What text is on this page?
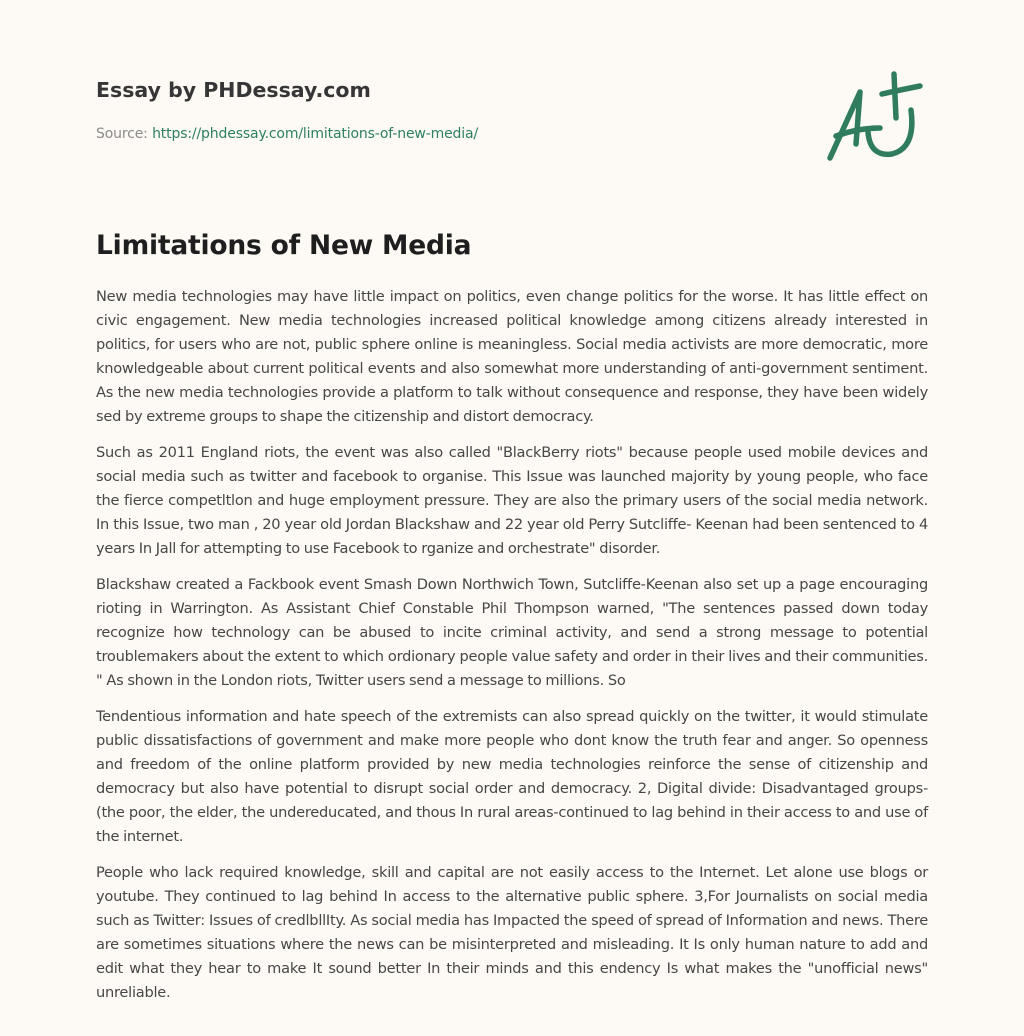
Essay by PHDessay.com
Source: https://phdessay.com/limitations-of-new-media/
Limitations of New Media

New media technologies may have little impact on politics, even change politics for the worse. It has little effect on civic engagement. New media technologies increased political knowledge among citizens already interested in politics, for users who are not, public sphere online is meaningless. Social media activists are more democratic, more knowledgeable about current political events and also somewhat more understanding of anti-government sentiment. As the new media technologies provide a platform to talk without consequence and response, they have been widely sed by extreme groups to shape the citizenship and distort democracy.

Such as 2011 England riots, the event was also called "BlackBerry riots" because people used mobile devices and social media such as twitter and facebook to organise. This Issue was launched majority by young people, who face the fierce competltlon and huge employment pressure. They are also the primary users of the social media network. In this Issue, two man , 20 year old Jordan Blackshaw and 22 year old Perry Sutcliffe- Keenan had been sentenced to 4 years In Jall for attempting to use Facebook to rganize and orchestrate" disorder.

Blackshaw created a Fackbook event Smash Down Northwich Town, Sutcliffe-Keenan also set up a page encouraging rioting in Warrington. As Assistant Chief Constable Phil Thompson warned, "The sentences passed down today recognize how technology can be abused to incite criminal activity, and send a strong message to potential troublemakers about the extent to which ordionary people value safety and order in their lives and their communities. " As shown in the London riots, Twitter users send a message to millions. So

Tendentious information and hate speech of the extremists can also spread quickly on the twitter, it would stimulate public dissatisfactions of government and make more people who dont know the truth fear and anger. So openness and freedom of the online platform provided by new media technologies reinforce the sense of citizenship and democracy but also have potential to disrupt social order and democracy. 2, Digital divide: Disadvantaged groups- (the poor, the elder, the undereducated, and thous In rural areas-continued to lag behind in their access to and use of the internet.

People who lack required knowledge, skill and capital are not easily access to the Internet. Let alone use blogs or youtube. They continued to lag behind In access to the alternative public sphere. 3,For Journalists on social media such as Twitter: Issues of credlbllIty. As social media has Impacted the speed of spread of Information and news. There are sometimes situations where the news can be misinterpreted and misleading. It Is only human nature to add and edit what they hear to make It sound better In their minds and this endency Is what makes the "unofficial news" unreliable.
